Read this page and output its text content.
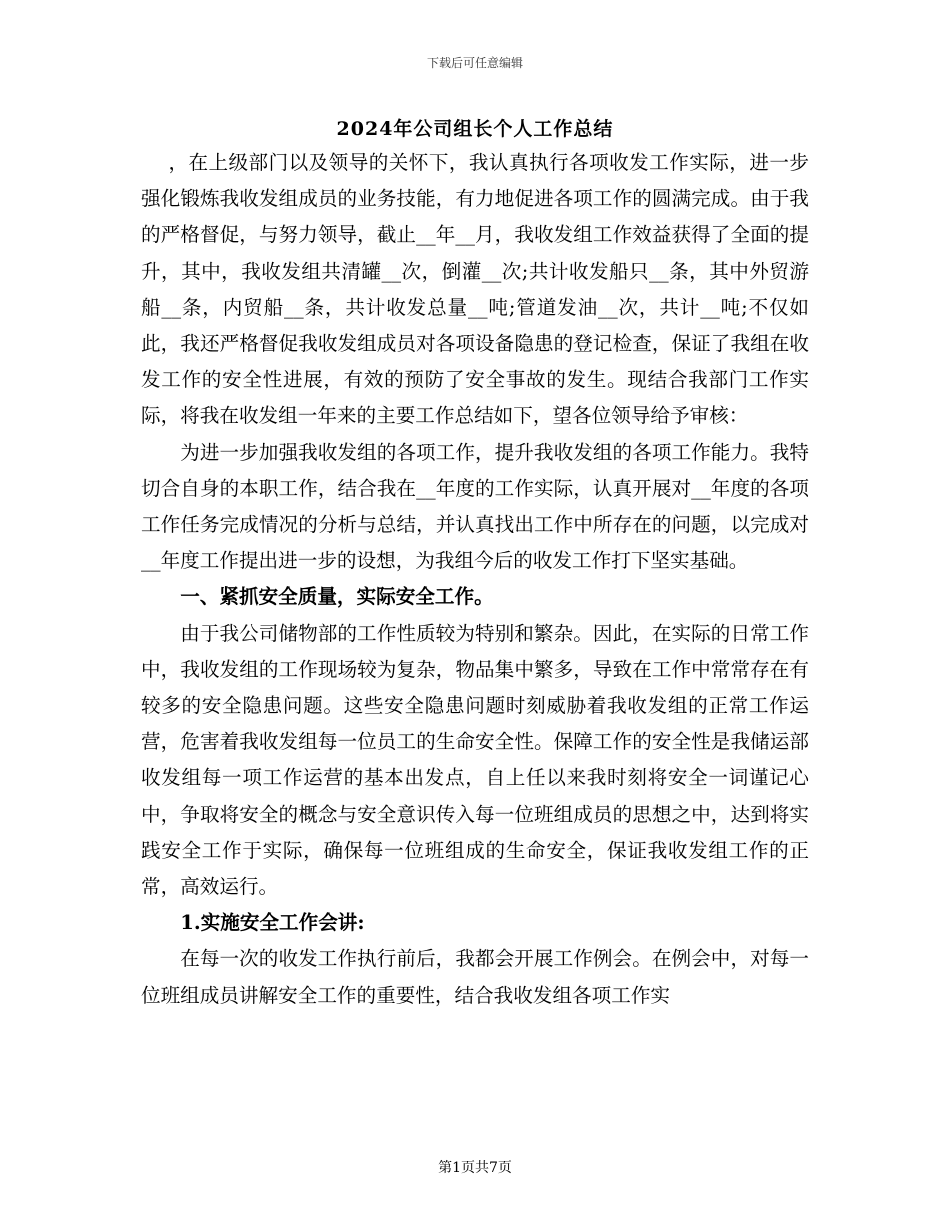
下载后可任意编辑
2024年公司组长个人工作总结

，在上级部门以及领导的关怀下，我认真执行各项收发工作实际，进一步强化锻炼我收发组成员的业务技能，有力地促进各项工作的圆满完成。由于我的严格督促，与努力领导，截止__年__月，我收发组工作效益获得了全面的提升，其中，我收发组共清罐__次，倒灌__次;共计收发船只__条，其中外贸游船__条，内贸船__条，共计收发总量__吨;管道发油__次，共计__吨;不仅如此，我还严格督促我收发组成员对各项设备隐患的登记检查，保证了我组在收发工作的安全性进展，有效的预防了安全事故的发生。现结合我部门工作实际，将我在收发组一年来的主要工作总结如下，望各位领导给予审核：

为进一步加强我收发组的各项工作，提升我收发组的各项工作能力。我特切合自身的本职工作，结合我在__年度的工作实际，认真开展对__年度的各项工作任务完成情况的分析与总结，并认真找出工作中所存在的问题，以完成对__年度工作提出进一步的设想，为我组今后的收发工作打下坚实基础。

一、紧抓安全质量，实际安全工作。

由于我公司储物部的工作性质较为特别和繁杂。因此，在实际的日常工作中，我收发组的工作现场较为复杂，物品集中繁多，导致在工作中常常存在有较多的安全隐患问题。这些安全隐患问题时刻威胁着我收发组的正常工作运营，危害着我收发组每一位员工的生命安全性。保障工作的安全性是我储运部收发组每一项工作运营的基本出发点，自上任以来我时刻将安全一词谨记心中，争取将安全的概念与安全意识传入每一位班组成员的思想之中，达到将实践安全工作于实际，确保每一位班组成的生命安全，保证我收发组工作的正常，高效运行。

1.实施安全工作会讲:

在每一次的收发工作执行前后，我都会开展工作例会。在例会中，对每一位班组成员讲解安全工作的重要性，结合我收发组各项工作实

第1页共7页
